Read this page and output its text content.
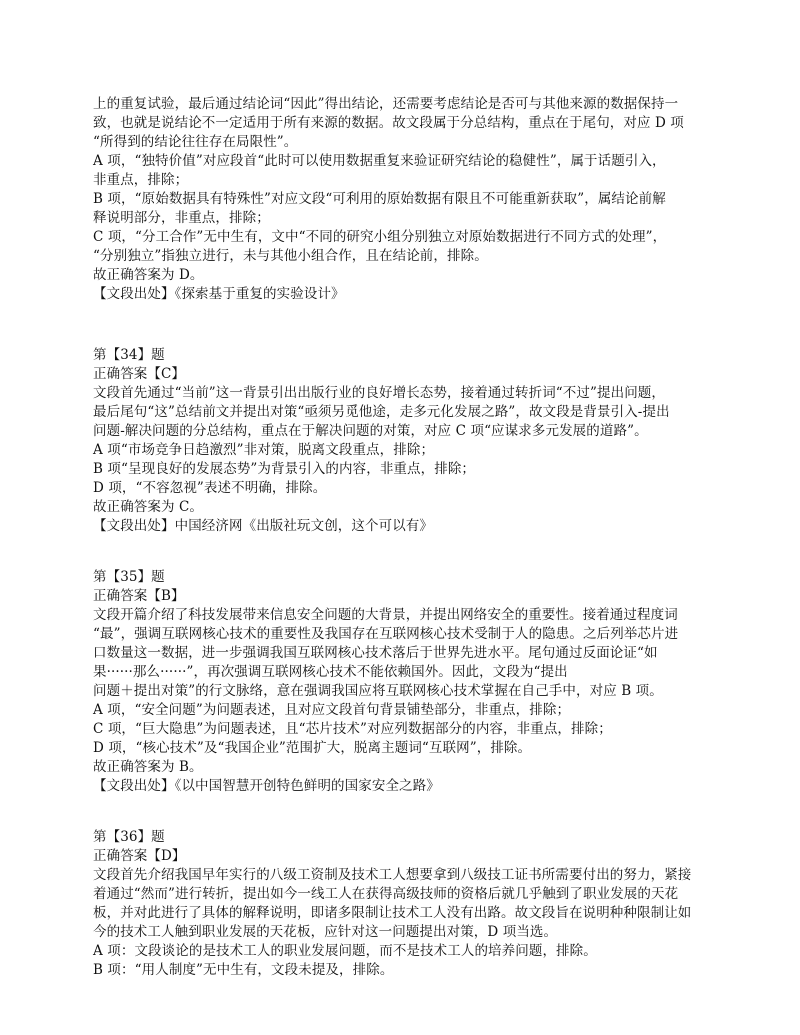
上的重复试验，最后通过结论词“因此”得出结论，还需要考虑结论是否可与其他来源的数据保持一
致，也就是说结论不一定适用于所有来源的数据。故文段属于分总结构，重点在于尾句，对应 D 项
“所得到的结论往往存在局限性”。
A 项，“独特价值”对应段首“此时可以使用数据重复来验证研究结论的稳健性”，属于话题引入，
非重点，排除；
B 项，“原始数据具有特殊性”对应文段“可利用的原始数据有限且不可能重新获取”，属结论前解
释说明部分，非重点，排除；
C 项，“分工合作”无中生有，文中“不同的研究小组分别独立对原始数据进行不同方式的处理”，
“分别独立”指独立进行，未与其他小组合作，且在结论前，排除。
故正确答案为 D。
【文段出处】《探索基于重复的实验设计》
第【34】题
正确答案【C】
文段首先通过“当前”这一背景引出出版行业的良好增长态势，接着通过转折词“不过”提出问题，
最后尾句“这”总结前文并提出对策“亟须另觅他途，走多元化发展之路”，故文段是背景引入-提出
问题-解决问题的分总结构，重点在于解决问题的对策，对应 C 项“应谋求多元发展的道路”。
A 项“市场竞争日趋激烈”非对策，脱离文段重点，排除；
B 项“呈现良好的发展态势”为背景引入的内容，非重点，排除；
D 项，“不容忽视”表述不明确，排除。
故正确答案为 C。
【文段出处】中国经济网《出版社玩文创，这个可以有》
第【35】题
正确答案【B】
文段开篇介绍了科技发展带来信息安全问题的大背景，并提出网络安全的重要性。接着通过程度词
“最”，强调互联网核心技术的重要性及我国存在互联网核心技术受制于人的隐患。之后列举芯片进
口数量这一数据，进一步强调我国互联网核心技术落后于世界先进水平。尾句通过反面论证“如
果······那么······”，再次强调互联网核心技术不能依赖国外。因此，文段为“提出
问题＋提出对策”的行文脉络，意在强调我国应将互联网核心技术掌握在自己手中，对应 B 项。
A 项，“安全问题”为问题表述，且对应文段首句背景铺垫部分，非重点，排除；
C 项，“巨大隐患”为问题表述，且“芯片技术”对应列数据部分的内容，非重点，排除；
D 项，“核心技术”及“我国企业”范围扩大，脱离主题词“互联网”，排除。
故正确答案为 B。
【文段出处】《以中国智慧开创特色鲜明的国家安全之路》
第【36】题
正确答案【D】
文段首先介绍我国早年实行的八级工资制及技术工人想要拿到八级技工证书所需要付出的努力，紧接
着通过“然而”进行转折，提出如今一线工人在获得高级技师的资格后就几乎触到了职业发展的天花
板，并对此进行了具体的解释说明，即诸多限制让技术工人没有出路。故文段旨在说明种种限制让如
今的技术工人触到职业发展的天花板，应针对这一问题提出对策，D 项当选。
A 项：文段谈论的是技术工人的职业发展问题，而不是技术工人的培养问题，排除。
B 项：“用人制度”无中生有，文段未提及，排除。
